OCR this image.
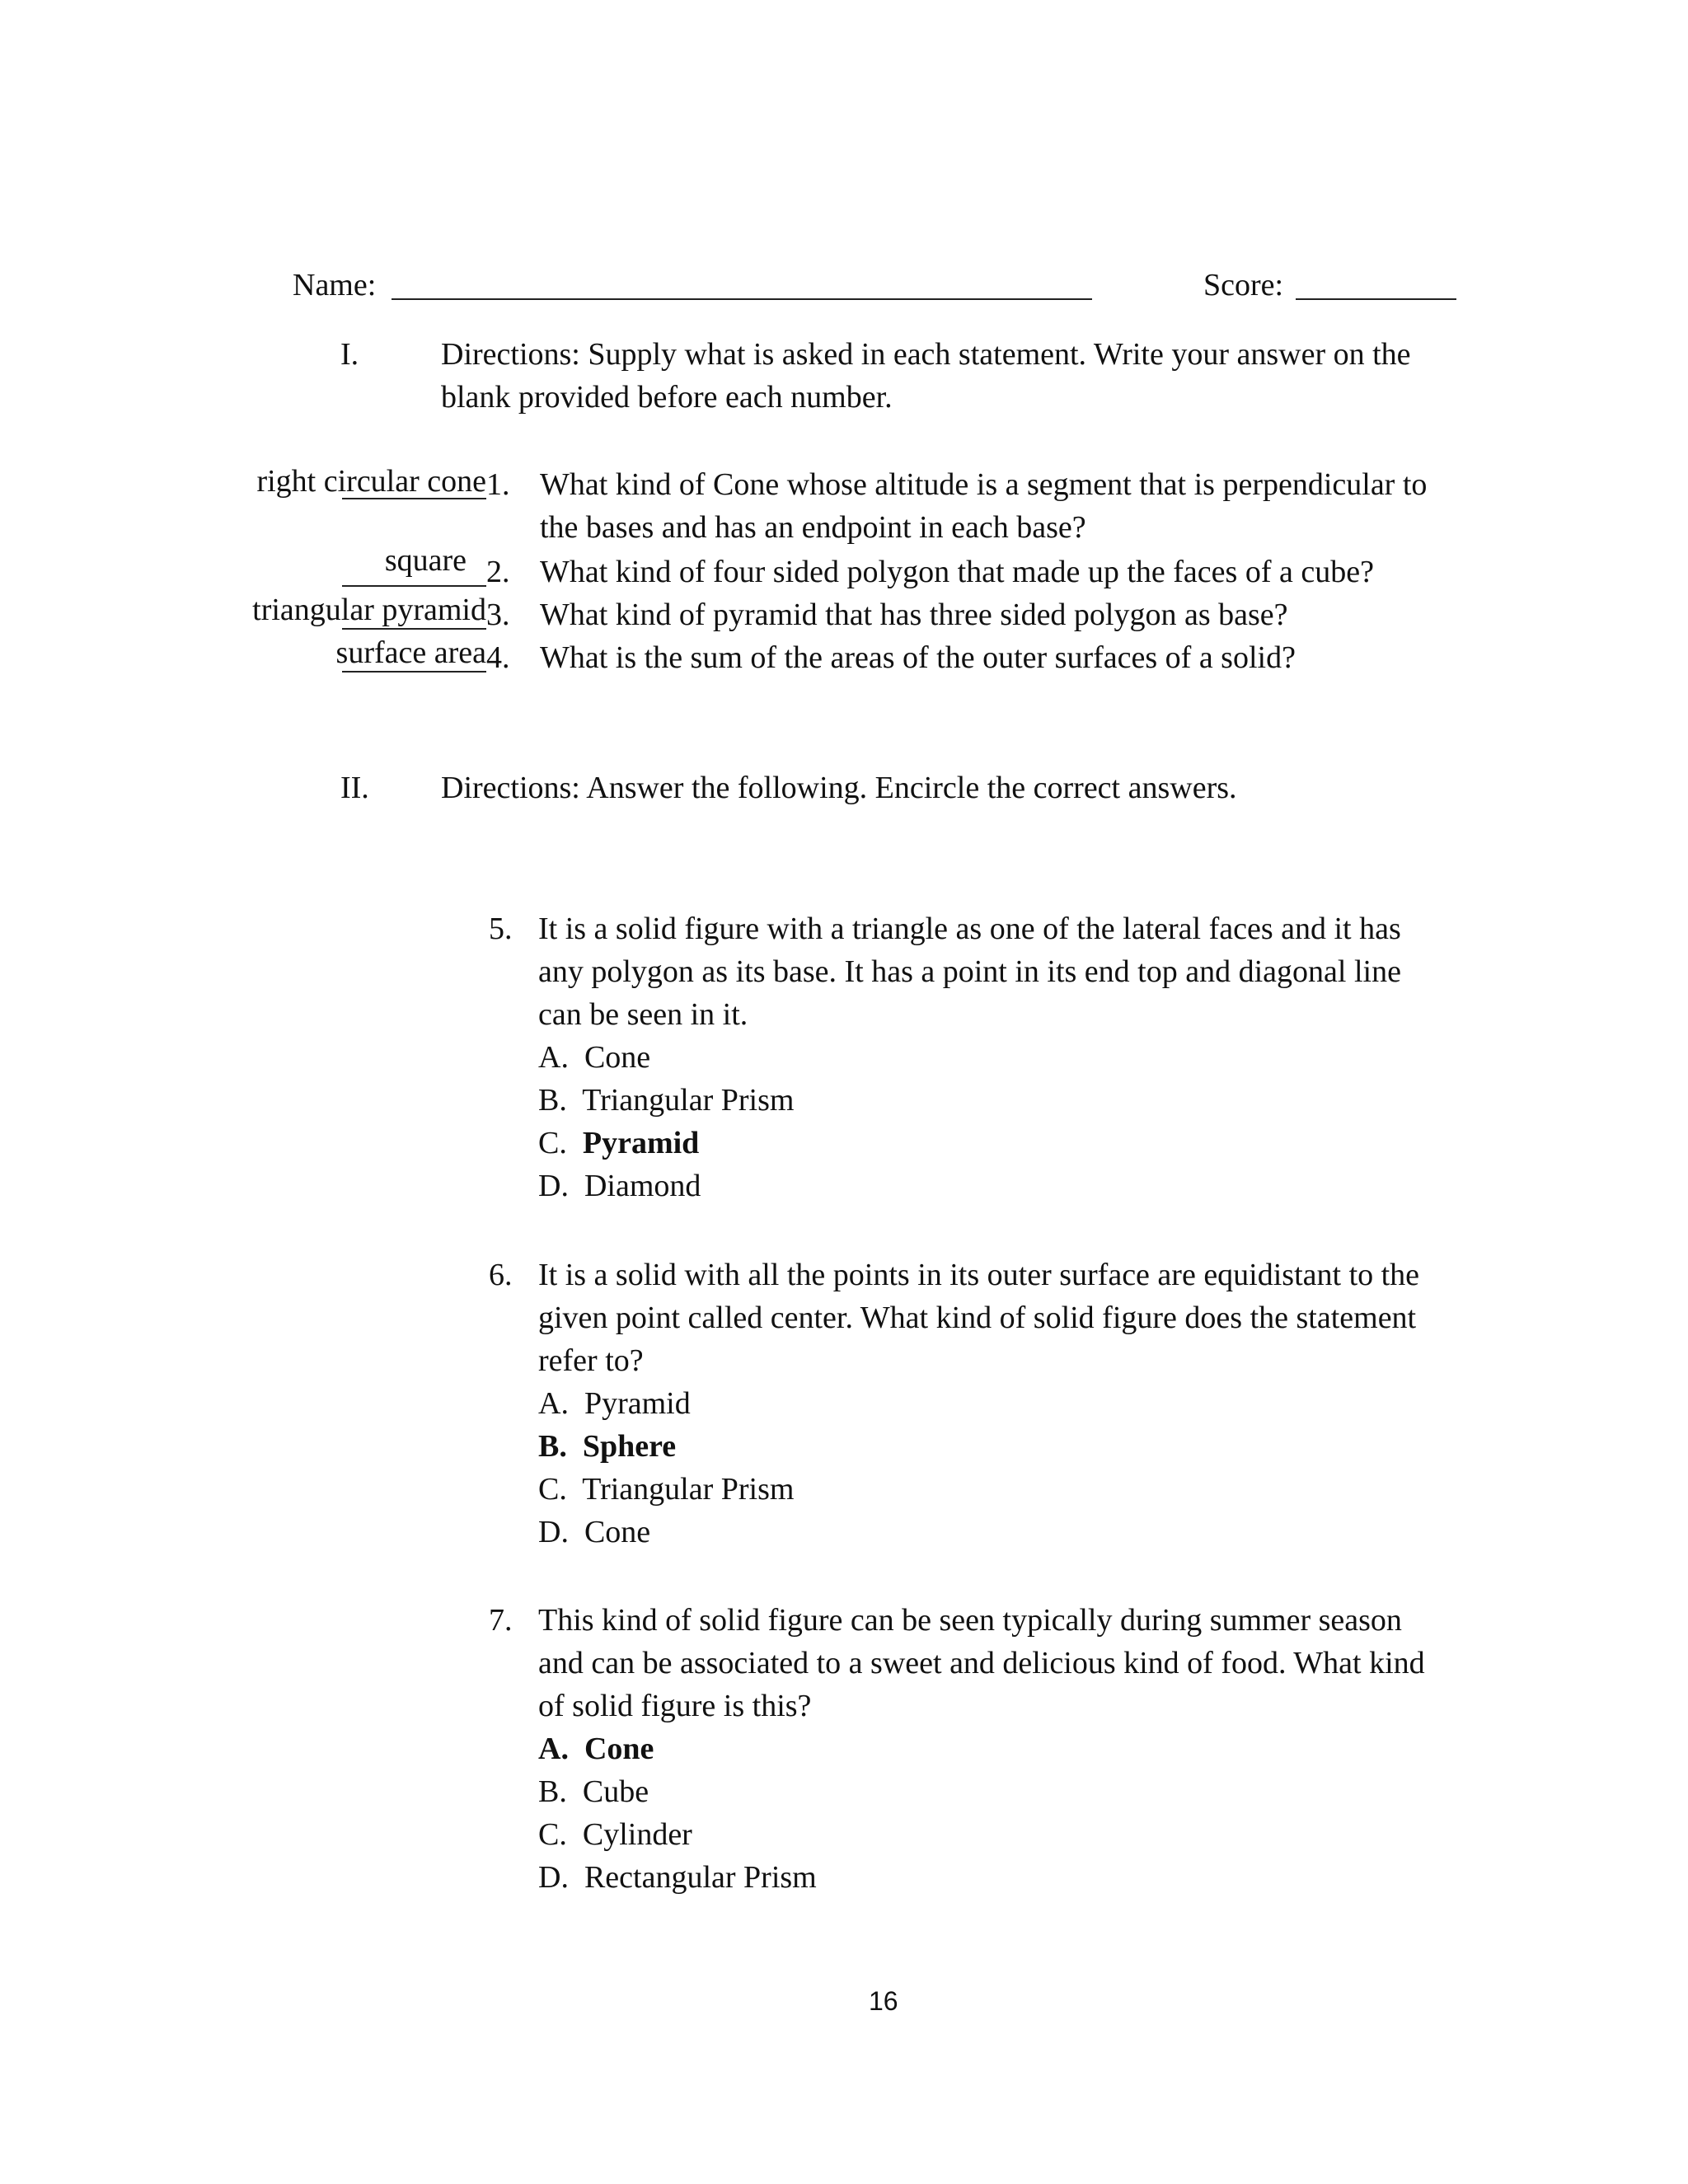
Name:	Score:
I.	Directions: Supply what is asked in each statement. Write your answer on the
blank provided before each number.
right circular cone 1. What kind of Cone whose altitude is a segment that is perpendicular to
the bases and has an endpoint in each base?
square 2. What kind of four sided polygon that made up the faces of a cube?
triangular pyramid 3. What kind of pyramid that has three sided polygon as base?
surface area 4. What is the sum of the areas of the outer surfaces of a solid?
II. Directions: Answer the following. Encircle the correct answers.
5. It is a solid figure with a triangle as one of the lateral faces and it has
any polygon as its base. It has a point in its end top and diagonal line
can be seen in it.
A. Cone
B. Triangular Prism
C. Pyramid
D. Diamond
6. It is a solid with all the points in its outer surface are equidistant to the
given point called center. What kind of solid figure does the statement
refer to?
A. Pyramid
B. Sphere
C. Triangular Prism
D. Cone
7. This kind of solid figure can be seen typically during summer season
and can be associated to a sweet and delicious kind of food. What kind
of solid figure is this?
A. Cone
B. Cube
C. Cylinder
D. Rectangular Prism
16
